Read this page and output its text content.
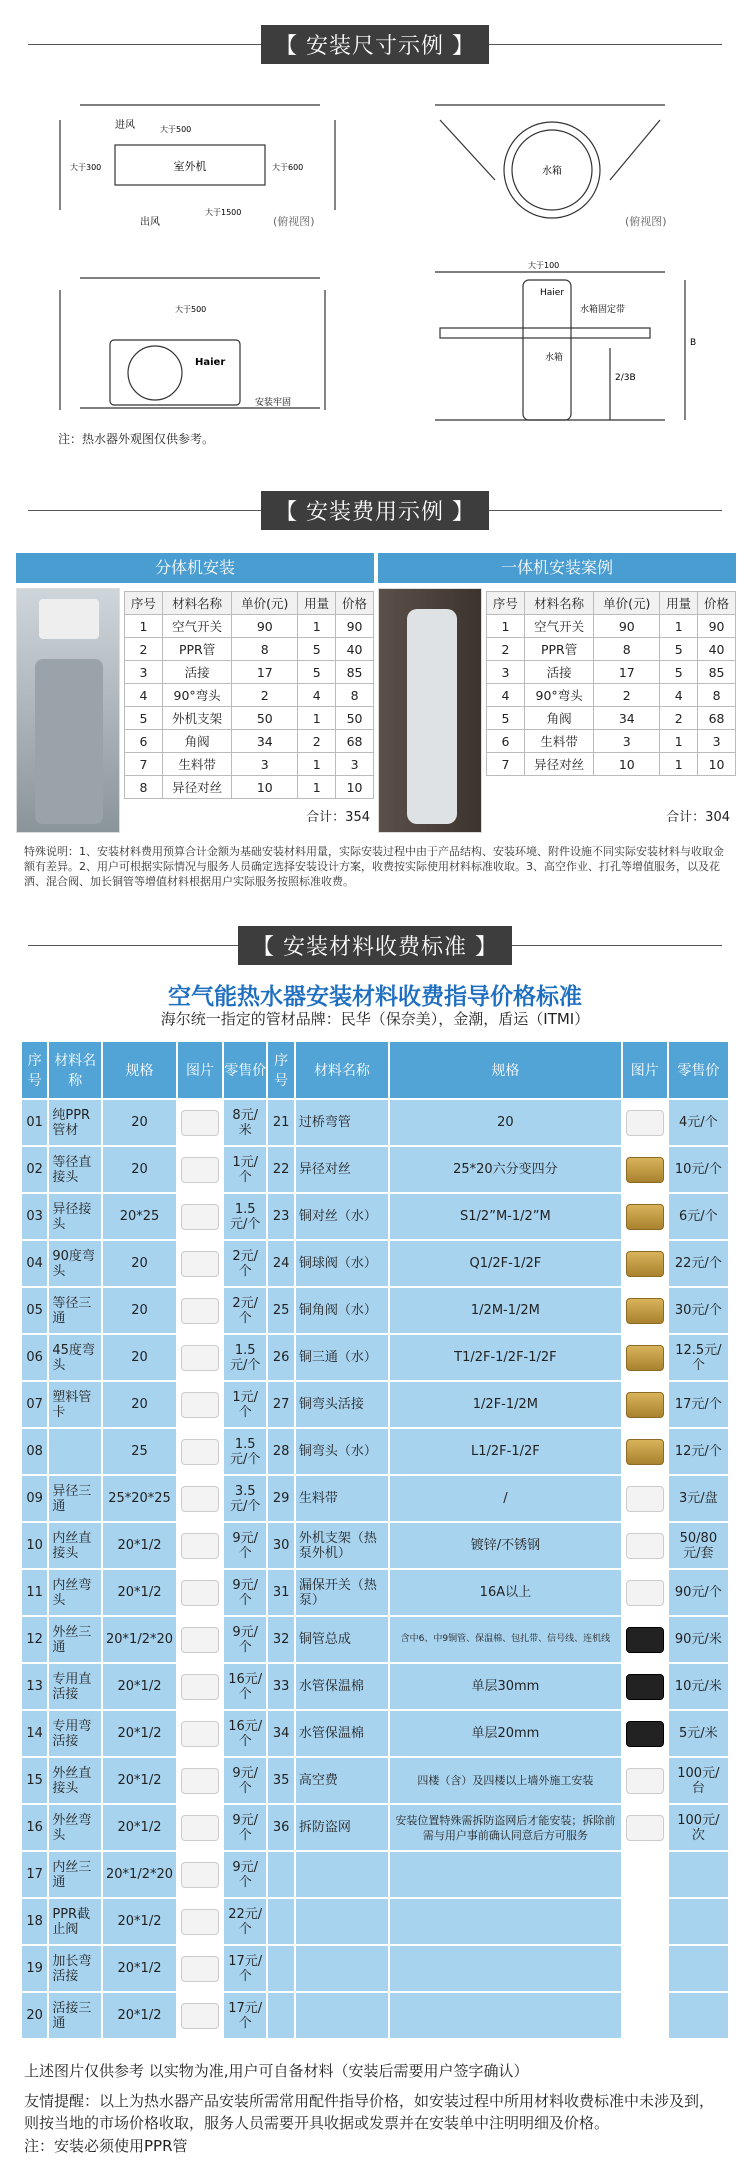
【 安装尺寸示例 】
室外机
进风
出风
大于500
大于300	大于600
大于1500
(俯视图)
大于500
Haier
安装牢固
水箱
(俯视图)
Haier
水箱固定带
水箱
2/3B
B
大于100
注：热水器外观图仅供参考。
【 安装费用示例 】
分体机安装	一体机安装案例
序号	材料名称	单价(元)	用量	价格
1	空气开关	90	1	90
2	PPR管	8	5	40
3	活接	17	5	85
4	90°弯头	2	4	8
5	外机支架	50	1	50
6	角阀	34	2	68
7	生料带	3	1	3
8	异径对丝	10	1	10
合计：354
序号	材料名称	单价(元)	用量	价格
1	空气开关	90	1	90
2	PPR管	8	5	40
3	活接	17	5	85
4	90°弯头	2	4	8
5	角阀	34	2	68
6	生料带	3	1	3
7	异径对丝	10	1	10
合计：304
特殊说明：1、安装材料费用预算合计金额为基础安装材料用量，实际安装过程中由于产品结构、安装环境、附件设施不同实际安装材料与收取金额有差异。2、用户可根据实际情况与服务人员确定选择安装设计方案，收费按实际使用材料标准收取。3、高空作业、打孔等增值服务，以及花洒、混合阀、加长铜管等增值材料根据用户实际服务按照标准收费。
【 安装材料收费标准 】
空气能热水器安装材料收费指导价格标准
海尔统一指定的管材品牌：民华（保奈美），金潮，盾运（ITMI）
序号	材料名称	规格	图片	零售价	序号	材料名称	规格	图片	零售价
01	纯PPR管材	20		8元/米	21	过桥弯管	20		4元/个
02	等径直接头	20		1元/个	22	异径对丝	25*20六分变四分		10元/个
03	异径接头	20*25		1.5元/个	23	铜对丝（水）	S1/2”M-1/2”M		6元/个
04	90度弯头	20		2元/个	24	铜球阀（水）	Q1/2F-1/2F		22元/个
05	等径三通	20		2元/个	25	铜角阀（水）	1/2M-1/2M		30元/个
06	45度弯头	20		1.5元/个	26	铜三通（水）	T1/2F-1/2F-1/2F		12.5元/个
07	塑料管卡	20		1元/个	27	铜弯头活接	1/2F-1/2M		17元/个
08		25		1.5元/个	28	铜弯头（水）	L1/2F-1/2F		12元/个
09	异径三通	25*20*25		3.5元/个	29	生料带	/		3元/盘
10	内丝直接头	20*1/2		9元/个	30	外机支架（热泵外机）	镀锌/不锈钢		50/80元/套
11	内丝弯头	20*1/2		9元/个	31	漏保开关（热泵）	16A以上		90元/个
12	外丝三通	20*1/2*20		9元/个	32	铜管总成	含中6、中9铜管、保温棉、包扎带、信号线、连机线		90元/米
13	专用直活接	20*1/2		16元/个	33	水管保温棉	单层30mm		10元/米
14	专用弯活接	20*1/2		16元/个	34	水管保温棉	单层20mm		5元/米
15	外丝直接头	20*1/2		9元/个	35	高空费	四楼（含）及四楼以上墙外施工安装		100元/台
16	外丝弯头	20*1/2		9元/个	36	拆防盗网	安装位置特殊需拆防盗网后才能安装；拆除前需与用户事前确认同意后方可服务		100元/次
17	内丝三通	20*1/2*20		9元/个					
18	PPR截止阀	20*1/2		22元/个					
19	加长弯活接	20*1/2		17元/个					
20	活接三通	20*1/2		17元/个					
上述图片仅供参考 以实物为准,用户可自备材料（安装后需要用户签字确认）
友情提醒：以上为热水器产品安装所需常用配件指导价格，如安装过程中所用材料收费标准中未涉及到，则按当地的市场价格收取，服务人员需要开具收据或发票并在安装单中注明明细及价格。
注：安装必须使用PPR管
